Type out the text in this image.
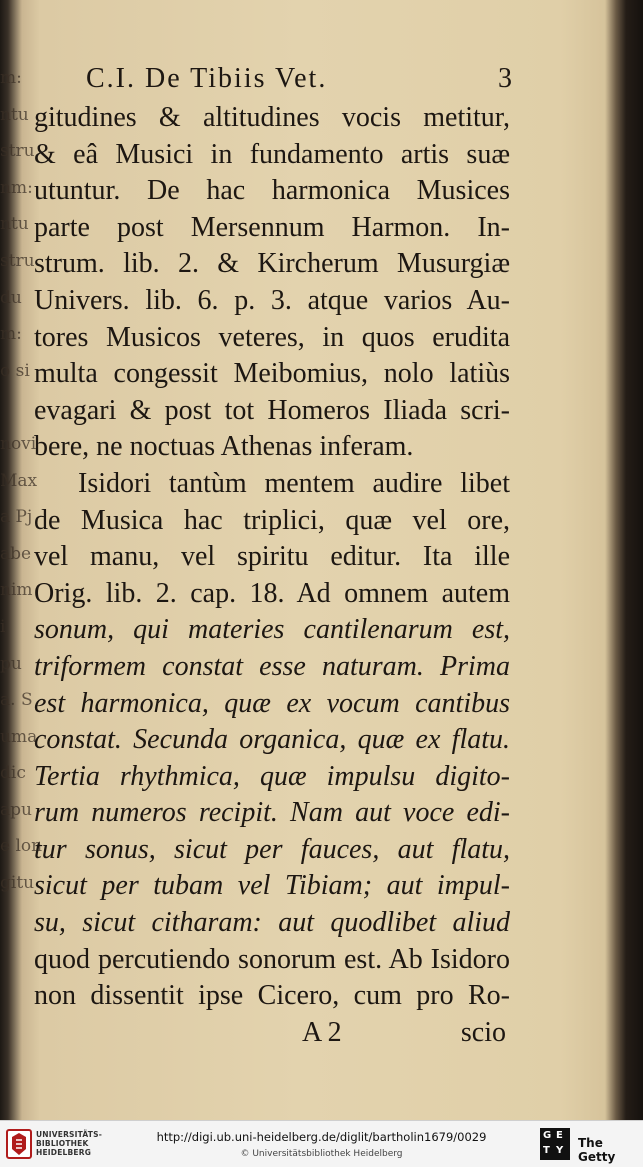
m:
ntu
stru
nm:
ntu
stru
du
m:
o si

novi
Max
a Pj
abe
nim
i
pu
a. S
uma
dic
apu
e lon
gitu
C.I. De Tibiis Vet.	3
gitudines & altitudines vocis metitur,
& eâ Musici in fundamento artis suæ
utuntur. De hac harmonica Musices
parte post Mersennum Harmon. In-
strum. lib. 2. & Kircherum Musurgiæ
Univers. lib. 6. p. 3. atque varios Au-
tores Musicos veteres, in quos erudita
multa congessit Meibomius, nolo latiùs
evagari & post tot Homeros Iliada scri-
bere, ne noctuas Athenas inferam.
Isidori tantùm mentem audire libet
de Musica hac triplici, quæ vel ore,
vel manu, vel spiritu editur. Ita ille
Orig. lib. 2. cap. 18. Ad omnem autem
sonum, qui materies cantilenarum est,
triformem constat esse naturam. Prima
est harmonica, quæ ex vocum cantibus
constat. Secunda organica, quæ ex flatu.
Tertia rhythmica, quæ impulsu digito-
rum numeros recipit. Nam aut voce edi-
tur sonus, sicut per fauces, aut flatu,
sicut per tubam vel Tibiam; aut impul-
su, sicut citharam: aut quodlibet aliud
quod percutiendo sonorum est. Ab Isidoro
non dissentit ipse Cicero, cum pro Ro-
A 2	scio
UNIVERSITÄTS-
BIBLIOTHEK
HEIDELBERG
http://digi.ub.uni-heidelberg.de/diglit/bartholin1679/0029
© Universitätsbibliothek Heidelberg
G E
T Y
The Getty
